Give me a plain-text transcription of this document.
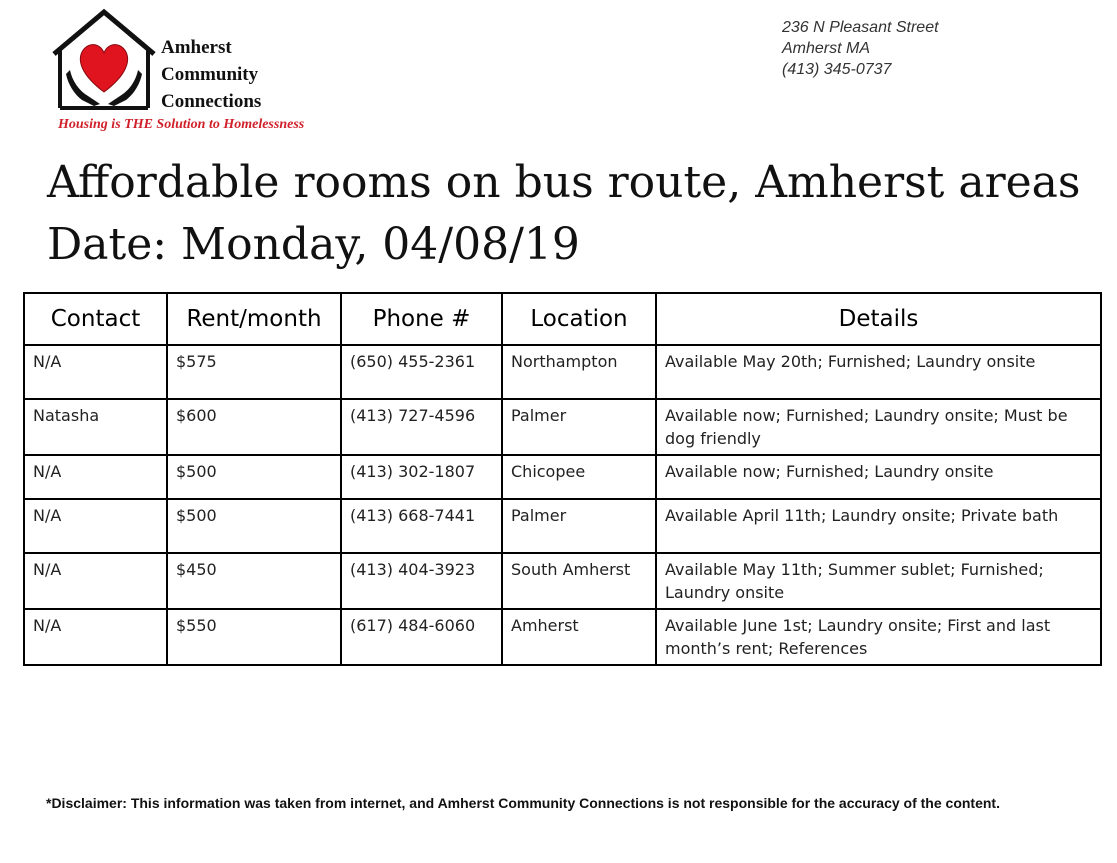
Amherst
Community
Connections
Housing is THE Solution to Homelessness
236 N Pleasant Street
Amherst MA
(413) 345-0737
Affordable rooms on bus route, Amherst areas
Date: Monday, 04/08/19
Contact	Rent/month	Phone #	Location	Details
N/A	$575	(650) 455-2361	Northampton	Available May 20th; Furnished; Laundry onsite
Natasha	$600	(413) 727-4596	Palmer	Available now; Furnished; Laundry onsite; Must be dog friendly
N/A	$500	(413) 302-1807	Chicopee	Available now; Furnished; Laundry onsite
N/A	$500	(413) 668-7441	Palmer	Available April 11th; Laundry onsite; Private bath
N/A	$450	(413) 404-3923	South Amherst	Available May 11th; Summer sublet; Furnished; Laundry onsite
N/A	$550	(617) 484-6060	Amherst	Available June 1st; Laundry onsite; First and last month’s rent; References
*Disclaimer: This information was taken from internet, and Amherst Community Connections is not responsible for the accuracy of the content.
